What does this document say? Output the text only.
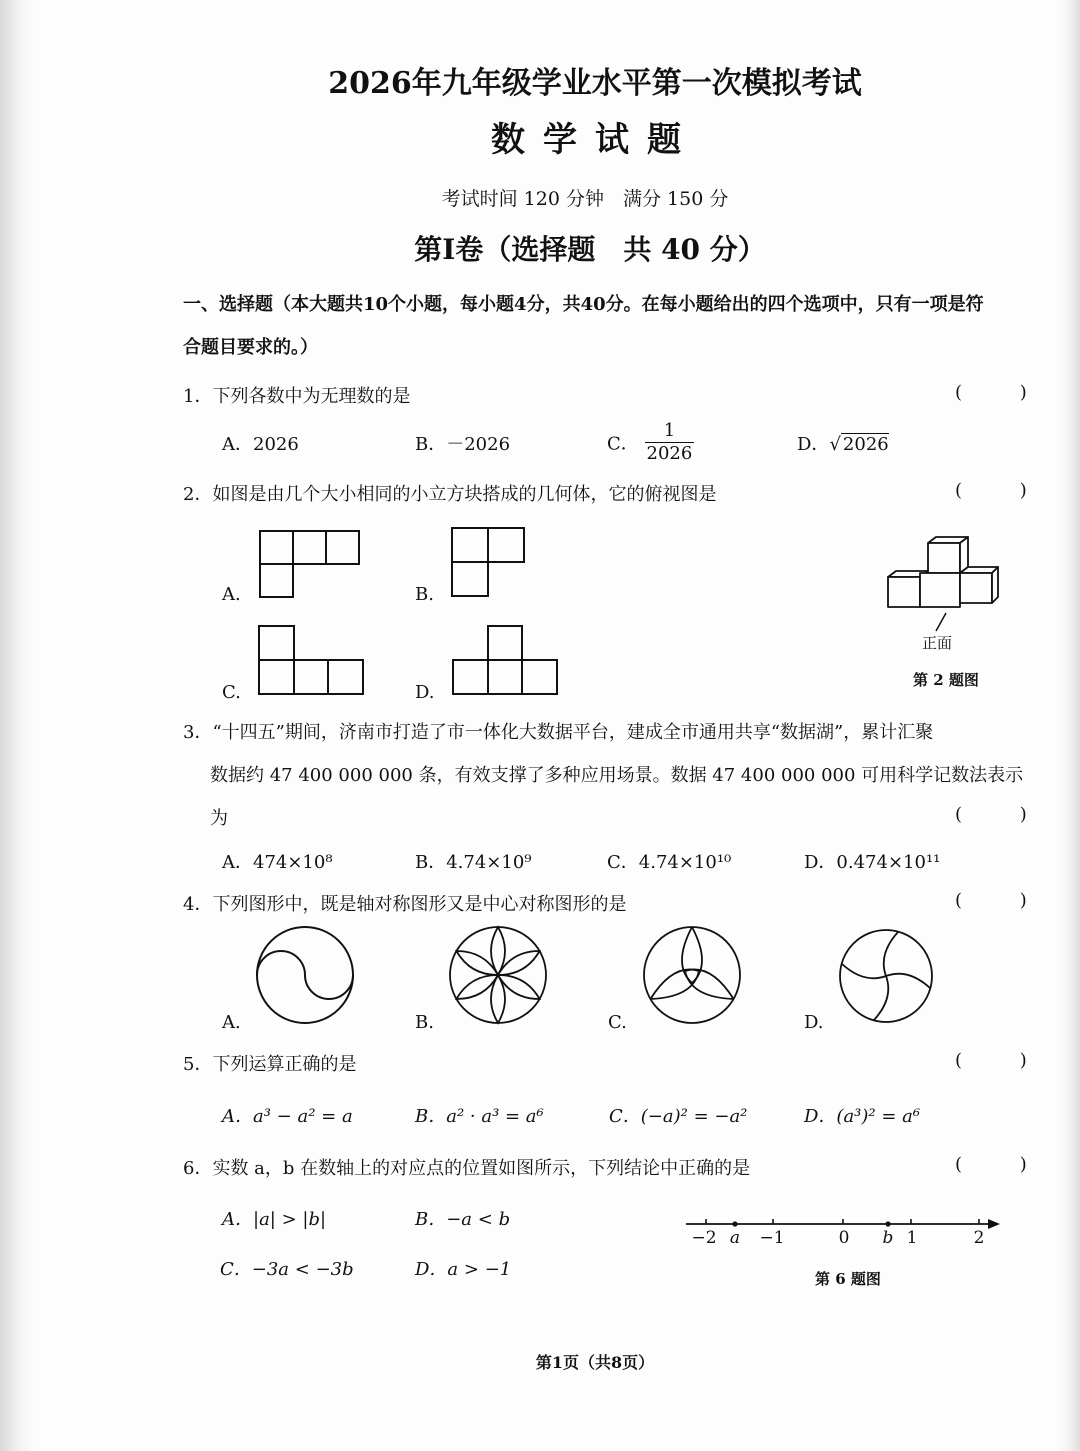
2026年九年级学业水平第一次模拟考试
数学试题
考试时间 120 分钟　满分 150 分
第Ⅰ卷（选择题　共 40 分）
一、选择题（本大题共10个小题，每小题4分，共40分。在每小题给出的四个选项中，只有一项是符
合题目要求的。）
1．下列各数中为无理数的是	( )
A．2026	B．－2026	C． $\frac{1}{2026}$	D．√ 2026
2．如图是由几个大小相同的小立方块搭成的几何体，它的俯视图是	( )
A.	B.
C.	D.
正面
第 2 题图
3．“十四五”期间，济南市打造了市一体化大数据平台，建成全市通用共享“数据湖”，累计汇聚
数据约 47 400 000 000 条，有效支撑了多种应用场景。数据 47 400 000 000 可用科学记数法表示
为	( )
A．474×10⁸	B．4.74×10⁹	C．4.74×10¹⁰	D．0.474×10¹¹
4．下列图形中，既是轴对称图形又是中心对称图形的是	( )
A.	B.	C.	D.
5．下列运算正确的是	( )
A．a³ − a² = a	B．a² · a³ = a⁶	C．(−a)² = −a²	D．(a³)² = a⁶
6．实数 a，b 在数轴上的对应点的位置如图所示，下列结论中正确的是	( )
A．|a| > |b|	B．−a < b
C．−3a < −3b	D．a > −1
−2 a −1	0 b 1	2
第 6 题图
第1页（共8页）
